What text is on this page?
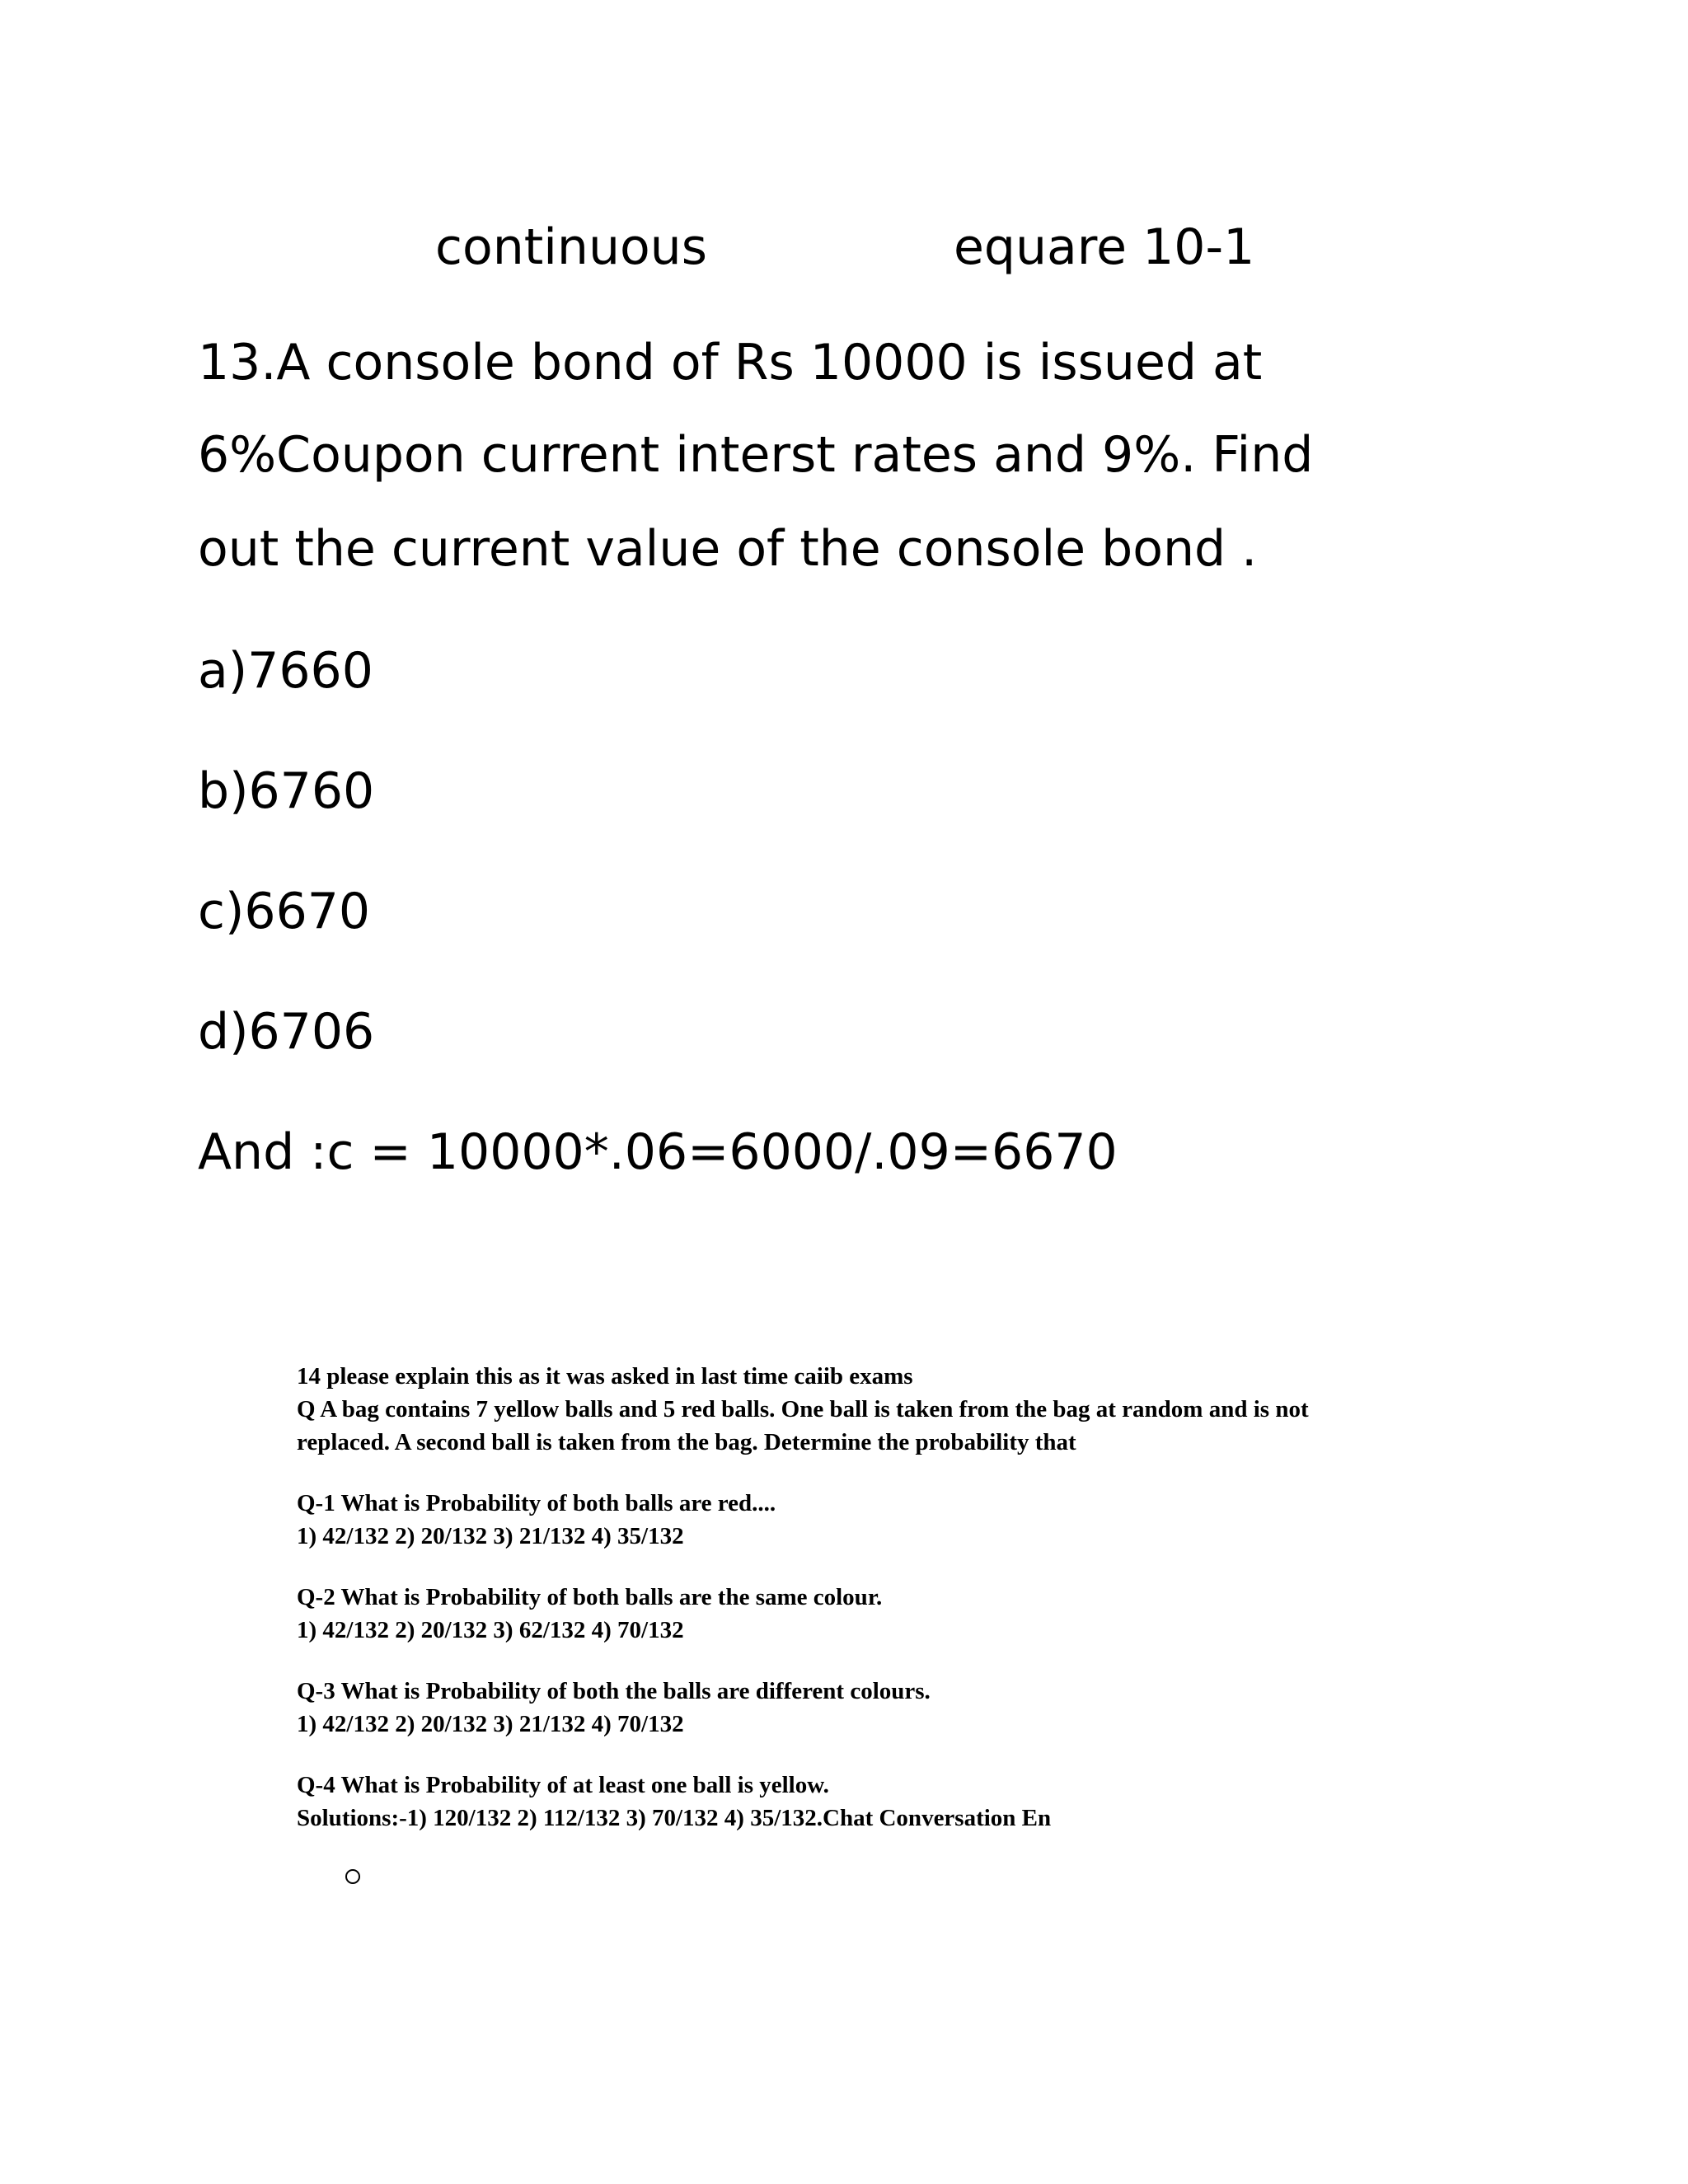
continuous	equare 10-1
13.A console bond of Rs 10000 is issued at
6%Coupon current interst rates and 9%. Find
out the current value of the console bond .
a)7660
b)6760
c)6670
d)6706
And :c = 10000*.06=6000/.09=6670
14 please explain this as it was asked in last time caiib exams
Q A bag contains 7 yellow balls and 5 red balls. One ball is taken from the bag at random and is not
replaced. A second ball is taken from the bag. Determine the probability that
Q-1 What is Probability of both balls are red....
1) 42/132 2) 20/132 3) 21/132 4) 35/132
Q-2 What is Probability of both balls are the same colour.
1) 42/132 2) 20/132 3) 62/132 4) 70/132
Q-3 What is Probability of both the balls are different colours.
1) 42/132 2) 20/132 3) 21/132 4) 70/132
Q-4 What is Probability of at least one ball is yellow.
Solutions:-1) 120/132 2) 112/132 3) 70/132 4) 35/132.Chat Conversation En
